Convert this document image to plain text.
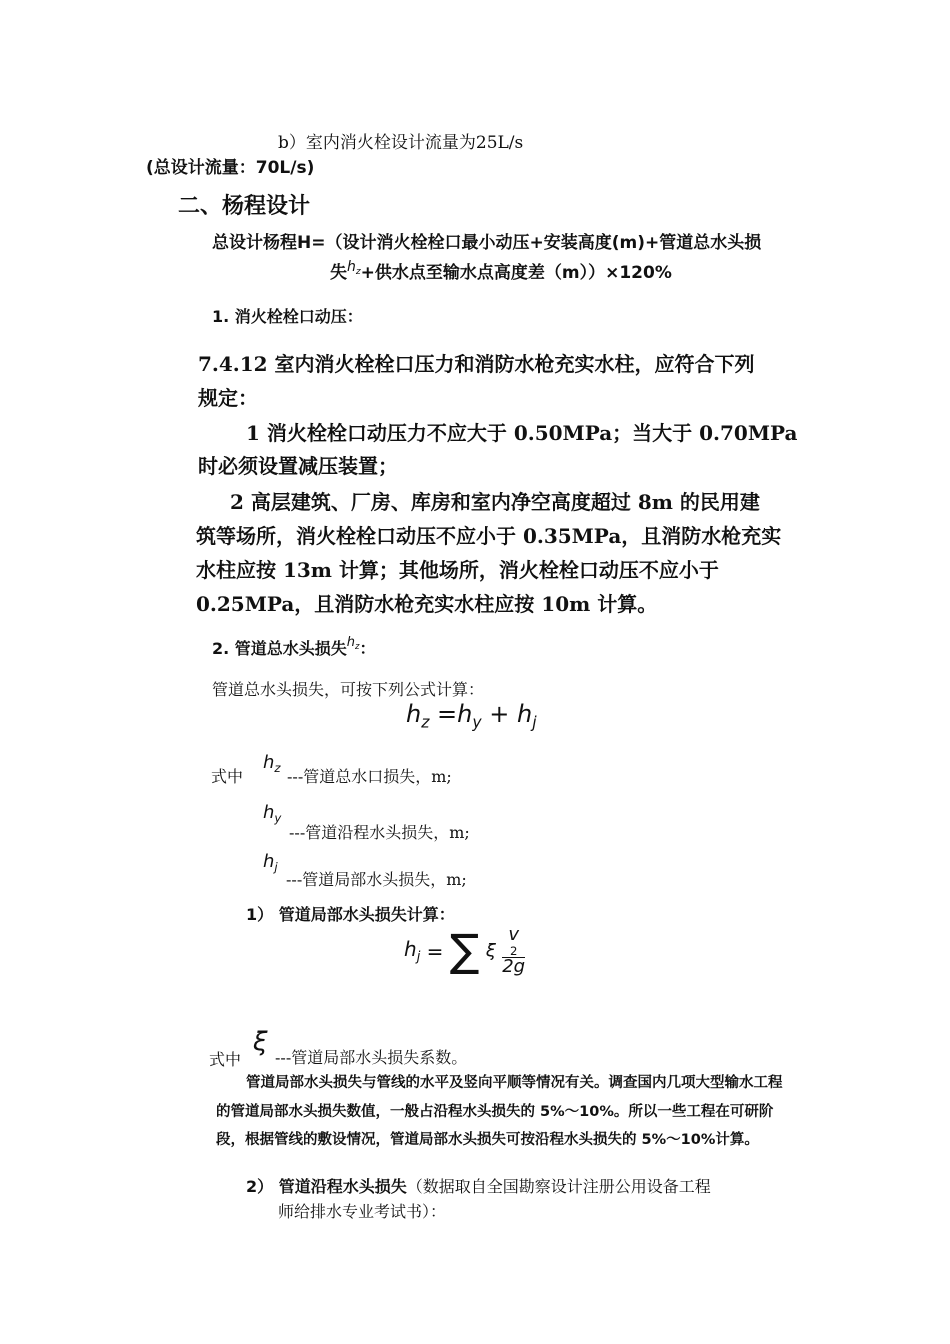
b）室内消火栓设计流量为25L/s
(总设计流量：70L/s)
二、杨程设计
总设计杨程H=（设计消火栓栓口最小动压+安装高度(m)+管道总水头损
失$^{h_z}$+供水点至输水点高度差（m））×120%
1. 消火栓栓口动压：
7.4.12 室内消火栓栓口压力和消防水枪充实水柱，应符合下列
规定：
1 消火栓栓口动压力不应大于 0.50MPa；当大于 0.70MPa
时必须设置减压装置；
2 高层建筑、厂房、库房和室内净空高度超过 8m 的民用建
筑等场所，消火栓栓口动压不应小于 0.35MPa，且消防水枪充实
水柱应按 13m 计算；其他场所，消火栓栓口动压不应小于
0.25MPa，且消防水枪充实水柱应按 10m 计算。
2. 管道总水头损失$^{h_z}$：
管道总水头损失，可按下列公式计算：
$h_z =h_y + h_j$
式中
$h_z$ ---管道总水口损失，m;
$h_y$
---管道沿程水头损失，m;
$h_j$
---管道局部水头损失，m;
1） 管道局部水头损失计算：
$h_j$ = ∑ ξ v
2
2g
式中
ξ
---管道局部水头损失系数。
管道局部水头损失与管线的水平及竖向平顺等情况有关。调查国内几项大型输水工程
的管道局部水头损失数值，一般占沿程水头损失的 5%～10%。所以一些工程在可研阶
段，根据管线的敷设情况，管道局部水头损失可按沿程水头损失的 5%～10%计算。
2） 管道沿程水头损失（数据取自全国勘察设计注册公用设备工程
师给排水专业考试书）：
